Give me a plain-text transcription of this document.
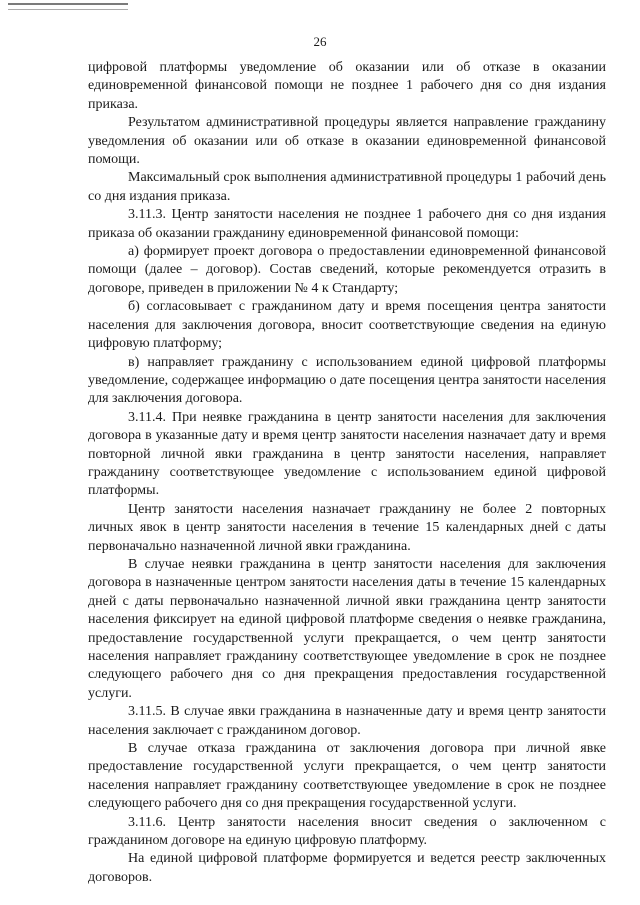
26

цифровой платформы уведомление об оказании или об отказе в оказании единовременной финансовой помощи не позднее 1 рабочего дня со дня издания приказа.

Результатом административной процедуры является направление гражданину уведомления об оказании или об отказе в оказании единовременной финансовой помощи.

Максимальный срок выполнения административной процедуры 1 рабочий день со дня издания приказа.

3.11.3. Центр занятости населения не позднее 1 рабочего дня со дня издания приказа об оказании гражданину единовременной финансовой помощи:

а) формирует проект договора о предоставлении единовременной финансовой помощи (далее – договор). Состав сведений, которые рекомендуется отразить в договоре, приведен в приложении № 4 к Стандарту;

б) согласовывает с гражданином дату и время посещения центра занятости населения для заключения договора, вносит соответствующие сведения на единую цифровую платформу;

в) направляет гражданину с использованием единой цифровой платформы уведомление, содержащее информацию о дате посещения центра занятости населения для заключения договора.

3.11.4. При неявке гражданина в центр занятости населения для заключения договора в указанные дату и время центр занятости населения назначает дату и время повторной личной явки гражданина в центр занятости населения, направляет гражданину соответствующее уведомление с использованием единой цифровой платформы.

Центр занятости населения назначает гражданину не более 2 повторных личных явок в центр занятости населения в течение 15 календарных дней с даты первоначально назначенной личной явки гражданина.

В случае неявки гражданина в центр занятости населения для заключения договора в назначенные центром занятости населения даты в течение 15 календарных дней с даты первоначально назначенной личной явки гражданина центр занятости населения фиксирует на единой цифровой платформе сведения о неявке гражданина, предоставление государственной услуги прекращается, о чем центр занятости населения направляет гражданину соответствующее уведомление в срок не позднее следующего рабочего дня со дня прекращения предоставления государственной услуги.

3.11.5. В случае явки гражданина в назначенные дату и время центр занятости населения заключает с гражданином договор.

В случае отказа гражданина от заключения договора при личной явке предоставление государственной услуги прекращается, о чем центр занятости населения направляет гражданину соответствующее уведомление в срок не позднее следующего рабочего дня со дня прекращения государственной услуги.

3.11.6. Центр занятости населения вносит сведения о заключенном с гражданином договоре на единую цифровую платформу.

На единой цифровой платформе формируется и ведется реестр заключенных договоров.
